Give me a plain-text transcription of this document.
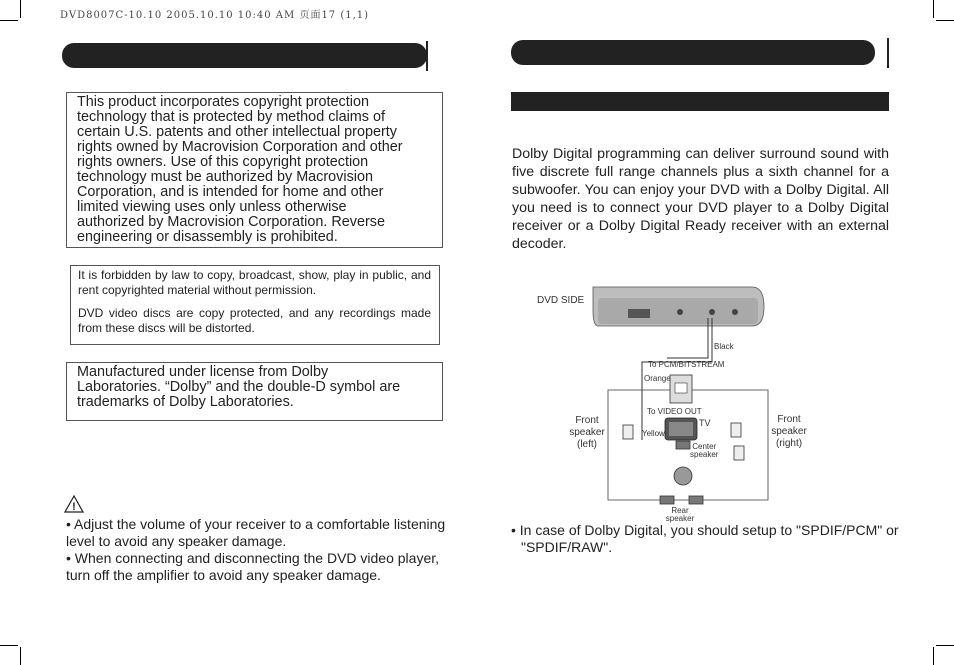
DVD8007C-10.10 2005.10.10 10:40 AM 页面17 (1,1)

This product incorporates copyright protection

technology that is protected by method claims of

certain U.S. patents and other intellectual property

rights owned by Macrovision Corporation and other

rights owners. Use of this copyright protection

technology must be authorized by Macrovision

Corporation, and is intended for home and other

limited viewing uses only unless otherwise

authorized by Macrovision Corporation. Reverse

engineering or disassembly is prohibited.

It is forbidden by law to copy, broadcast, show, play in public, and rent copyrighted material without permission.

DVD video discs are copy protected, and any recordings made from these discs will be distorted.

Manufactured under license from Dolby

Laboratories. “Dolby” and the double-D symbol are

trademarks of Dolby Laboratories.

!
• Adjust the volume of your receiver to a comfortable listening level to avoid any speaker damage.
• When connecting and disconnecting the DVD video player, turn off the amplifier to avoid any speaker damage.
Dolby Digital programming can deliver surround sound with five discrete full range channels plus a sixth channel for a subwoofer. You can enjoy your DVD with a Dolby Digital. All you need is to connect your DVD player to a Dolby Digital receiver or a Dolby Digital Ready receiver with an external decoder.
DVD SIDE
Black
To PCM/BITSTREAM
Orange
To VIDEO OUT
TV
Yellow
Center
speaker
Front
speaker
(left)
Front
speaker
(right)
Rear
speaker
• In case of Dolby Digital, you should setup to "SPDIF/PCM" or "SPDIF/RAW".
